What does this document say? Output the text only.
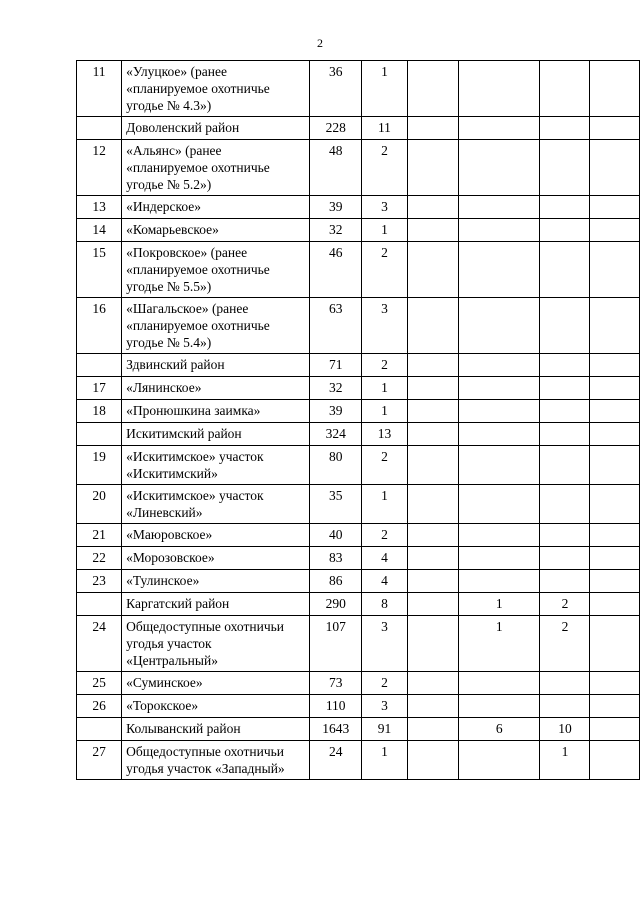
2
11	«Улуцкое» (ранее «планируемое охотничье угодье № 4.3»)	36	1				
	Доволенский район	228	11				
12	«Альянс» (ранее «планируемое охотничье угодье № 5.2»)	48	2				
13	«Индерское»	39	3				
14	«Комарьевское»	32	1				
15	«Покровское» (ранее «планируемое охотничье угодье № 5.5»)	46	2				
16	«Шагальское» (ранее «планируемое охотничье угодье № 5.4»)	63	3				
	Здвинский район	71	2				
17	«Лянинское»	32	1				
18	«Пронюшкина заимка»	39	1				
	Искитимский район	324	13				
19	«Искитимское» участок «Искитимский»	80	2				
20	«Искитимское» участок «Линевский»	35	1				
21	«Маюровское»	40	2				
22	«Морозовское»	83	4				
23	«Тулинское»	86	4				
	Каргатский район	290	8		1	2	
24	Общедоступные охотничьи угодья участок «Центральный»	107	3		1	2	
25	«Суминское»	73	2				
26	«Торокское»	110	3				
	Колыванский район	1643	91		6	10	
27	Общедоступные охотничьи угодья участок «Западный»	24	1			1	
